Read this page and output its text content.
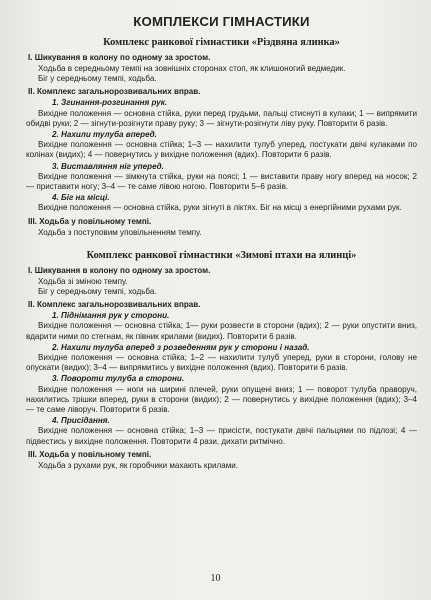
КОМПЛЕКСИ ГІМНАСТИКИ
Комплекс ранкової гімнастики «Різдвяна ялинка»
І. Шикування в колону по одному за зростом.

Ходьба в середньому темпі на зовнішніх сторонах стоп, як клишоногий ведмедик.

Біг у середньому темпі, ходьба.

ІІ. Комплекс загальнорозвивальних вправ.
1. Згинання-розгинання рук.

Вихідне положення — основна стійка, руки перед грудьми, пальці стиснуті в кулаки; 1 — випрямити обидві руки; 2 — зігнути-розігнути праву руку; 3 — зігнути-розігнути ліву руку. Повторити 6 разів.

2. Нахили тулуба вперед.

Вихідне положення — основна стійка; 1–3 — нахилити тулуб уперед, постукати двічі кулаками по колінах (видих); 4 — повернутись у вихідне положення (вдих). Повторити 6 разів.

3. Виставляння ніг уперед.

Вихідне положення — зімкнута стійка, руки на поясі; 1 — виставити праву ногу вперед на носок; 2 — приставити ногу; 3–4 — те саме лівою ногою. Повторити 5–6 разів.

4. Біг на місці.

Вихідне положення — основна стійка, руки зігнуті в ліктях. Біг на місці з енергійними рухами рук.

ІІІ. Ходьба у повільному темпі.

Ходьба з поступовим уповільненням темпу.

Комплекс ранкової гімнастики «Зимові птахи на ялинці»
І. Шикування в колону по одному за зростом.

Ходьба зі зміною темпу.

Біг у середньому темпі, ходьба.

ІІ. Комплекс загальнорозвивальних вправ.
1. Піднімання рук у сторони.

Вихідне положення — основна стійка; 1— руки розвести в сторони (вдих); 2 — руки опустити вниз, вдарити ними по стегнам, як півник крилами (видих). Повторити 6 разів.

2. Нахили тулуба вперед з розведенням рук у сторони і назад.

Вихідне положення — основна стійка; 1–2 — нахилити тулуб уперед, руки в сторони, голову не опускати (видих); 3–4 — випрямитись у вихідне положення (вдих). Повторити 6 разів.

3. Повороти тулуба в сторони.

Вихідне положення — ноги на ширині плечей, руки опущені вниз; 1 — поворот тулуба праворуч, нахилитись трішки вперед, руки в сторони (видих); 2 — повернутись у вихідне положення (вдих); 3–4 — те саме ліворуч. Повторити 6 разів.

4. Присідання.

Вихідне положення — основна стійка; 1–3 — присісти, постукати двічі пальцями по підлозі; 4 — підвестись у вихідне положення. Повторити 4 рази, дихати ритмічно.

ІІІ. Ходьба у повільному темпі.

Ходьба з рухами рук, як горобчики махають крилами.

10
